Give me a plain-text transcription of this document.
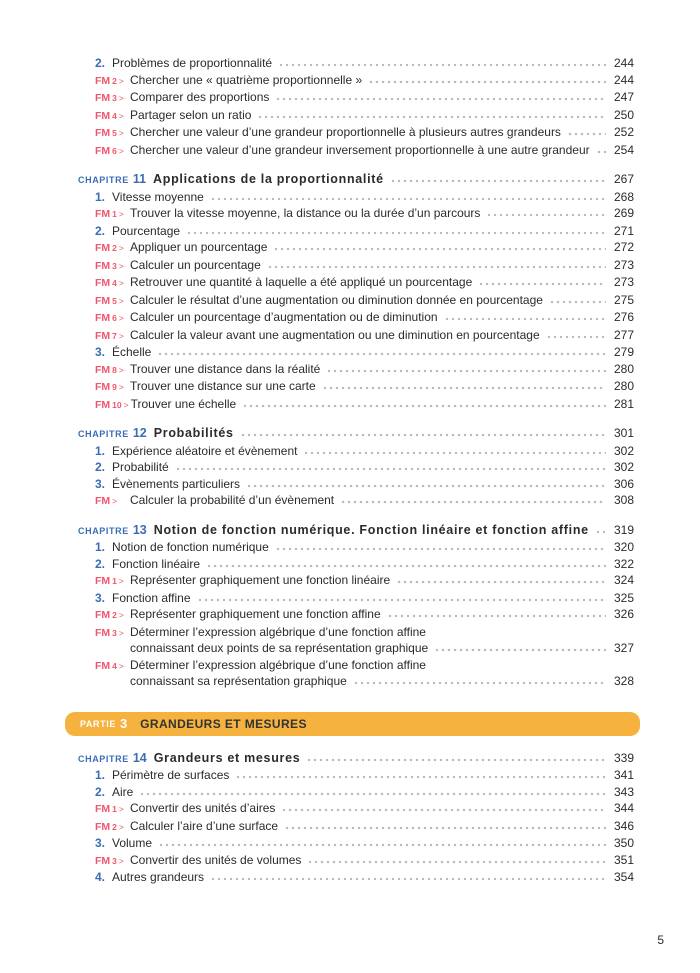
2. Problèmes de proportionnalité	244
FM 2 > Chercher une « quatrième proportionnelle »	244
FM 3 > Comparer des proportions	247
FM 4 > Partager selon un ratio	250
FM 5 > Chercher une valeur d’une grandeur proportionnelle à plusieurs autres grandeurs	252
FM 6 > Chercher une valeur d’une grandeur inversement proportionnelle à une autre grandeur 254
CHAPITRE 11 Applications de la proportionnalité	267
1. Vitesse moyenne	268
FM 1 > Trouver la vitesse moyenne, la distance ou la durée d’un parcours	269
2. Pourcentage	271
FM 2 > Appliquer un pourcentage	272
FM 3 > Calculer un pourcentage	273
FM 4 > Retrouver une quantité à laquelle a été appliqué un pourcentage	273
FM 5 > Calculer le résultat d’une augmentation ou diminution donnée en pourcentage	275
FM 6 > Calculer un pourcentage d’augmentation ou de diminution	276
FM 7 > Calculer la valeur avant une augmentation ou une diminution en pourcentage	277
3. Échelle	279
FM 8 > Trouver une distance dans la réalité	280
FM 9 > Trouver une distance sur une carte	280
FM 10 > Trouver une échelle	281
CHAPITRE 12 Probabilités	301
1. Expérience aléatoire et évènement	302
2. Probabilité	302
3. Évènements particuliers	306
FM >	Calculer la probabilité d’un évènement	308
CHAPITRE 13 Notion de fonction numérique. Fonction linéaire et fonction affine 319
1. Notion de fonction numérique	320
2. Fonction linéaire	322
FM 1 > Représenter graphiquement une fonction linéaire	324
3. Fonction affine	325
FM 2 > Représenter graphiquement une fonction affine	326
FM 3 > Déterminer l’expression algébrique d’une fonction affine
connaissant deux points de sa représentation graphique	327
FM 4 > Déterminer l’expression algébrique d’une fonction affine
connaissant sa représentation graphique	328
PARTIE 3 GRANDEURS ET MESURES
CHAPITRE 14 Grandeurs et mesures	339
1. Périmètre de surfaces	341
2. Aire	343
FM 1 > Convertir des unités d’aires	344
FM 2 > Calculer l’aire d’une surface	346
3. Volume	350
FM 3 > Convertir des unités de volumes	351
4. Autres grandeurs	354
5
